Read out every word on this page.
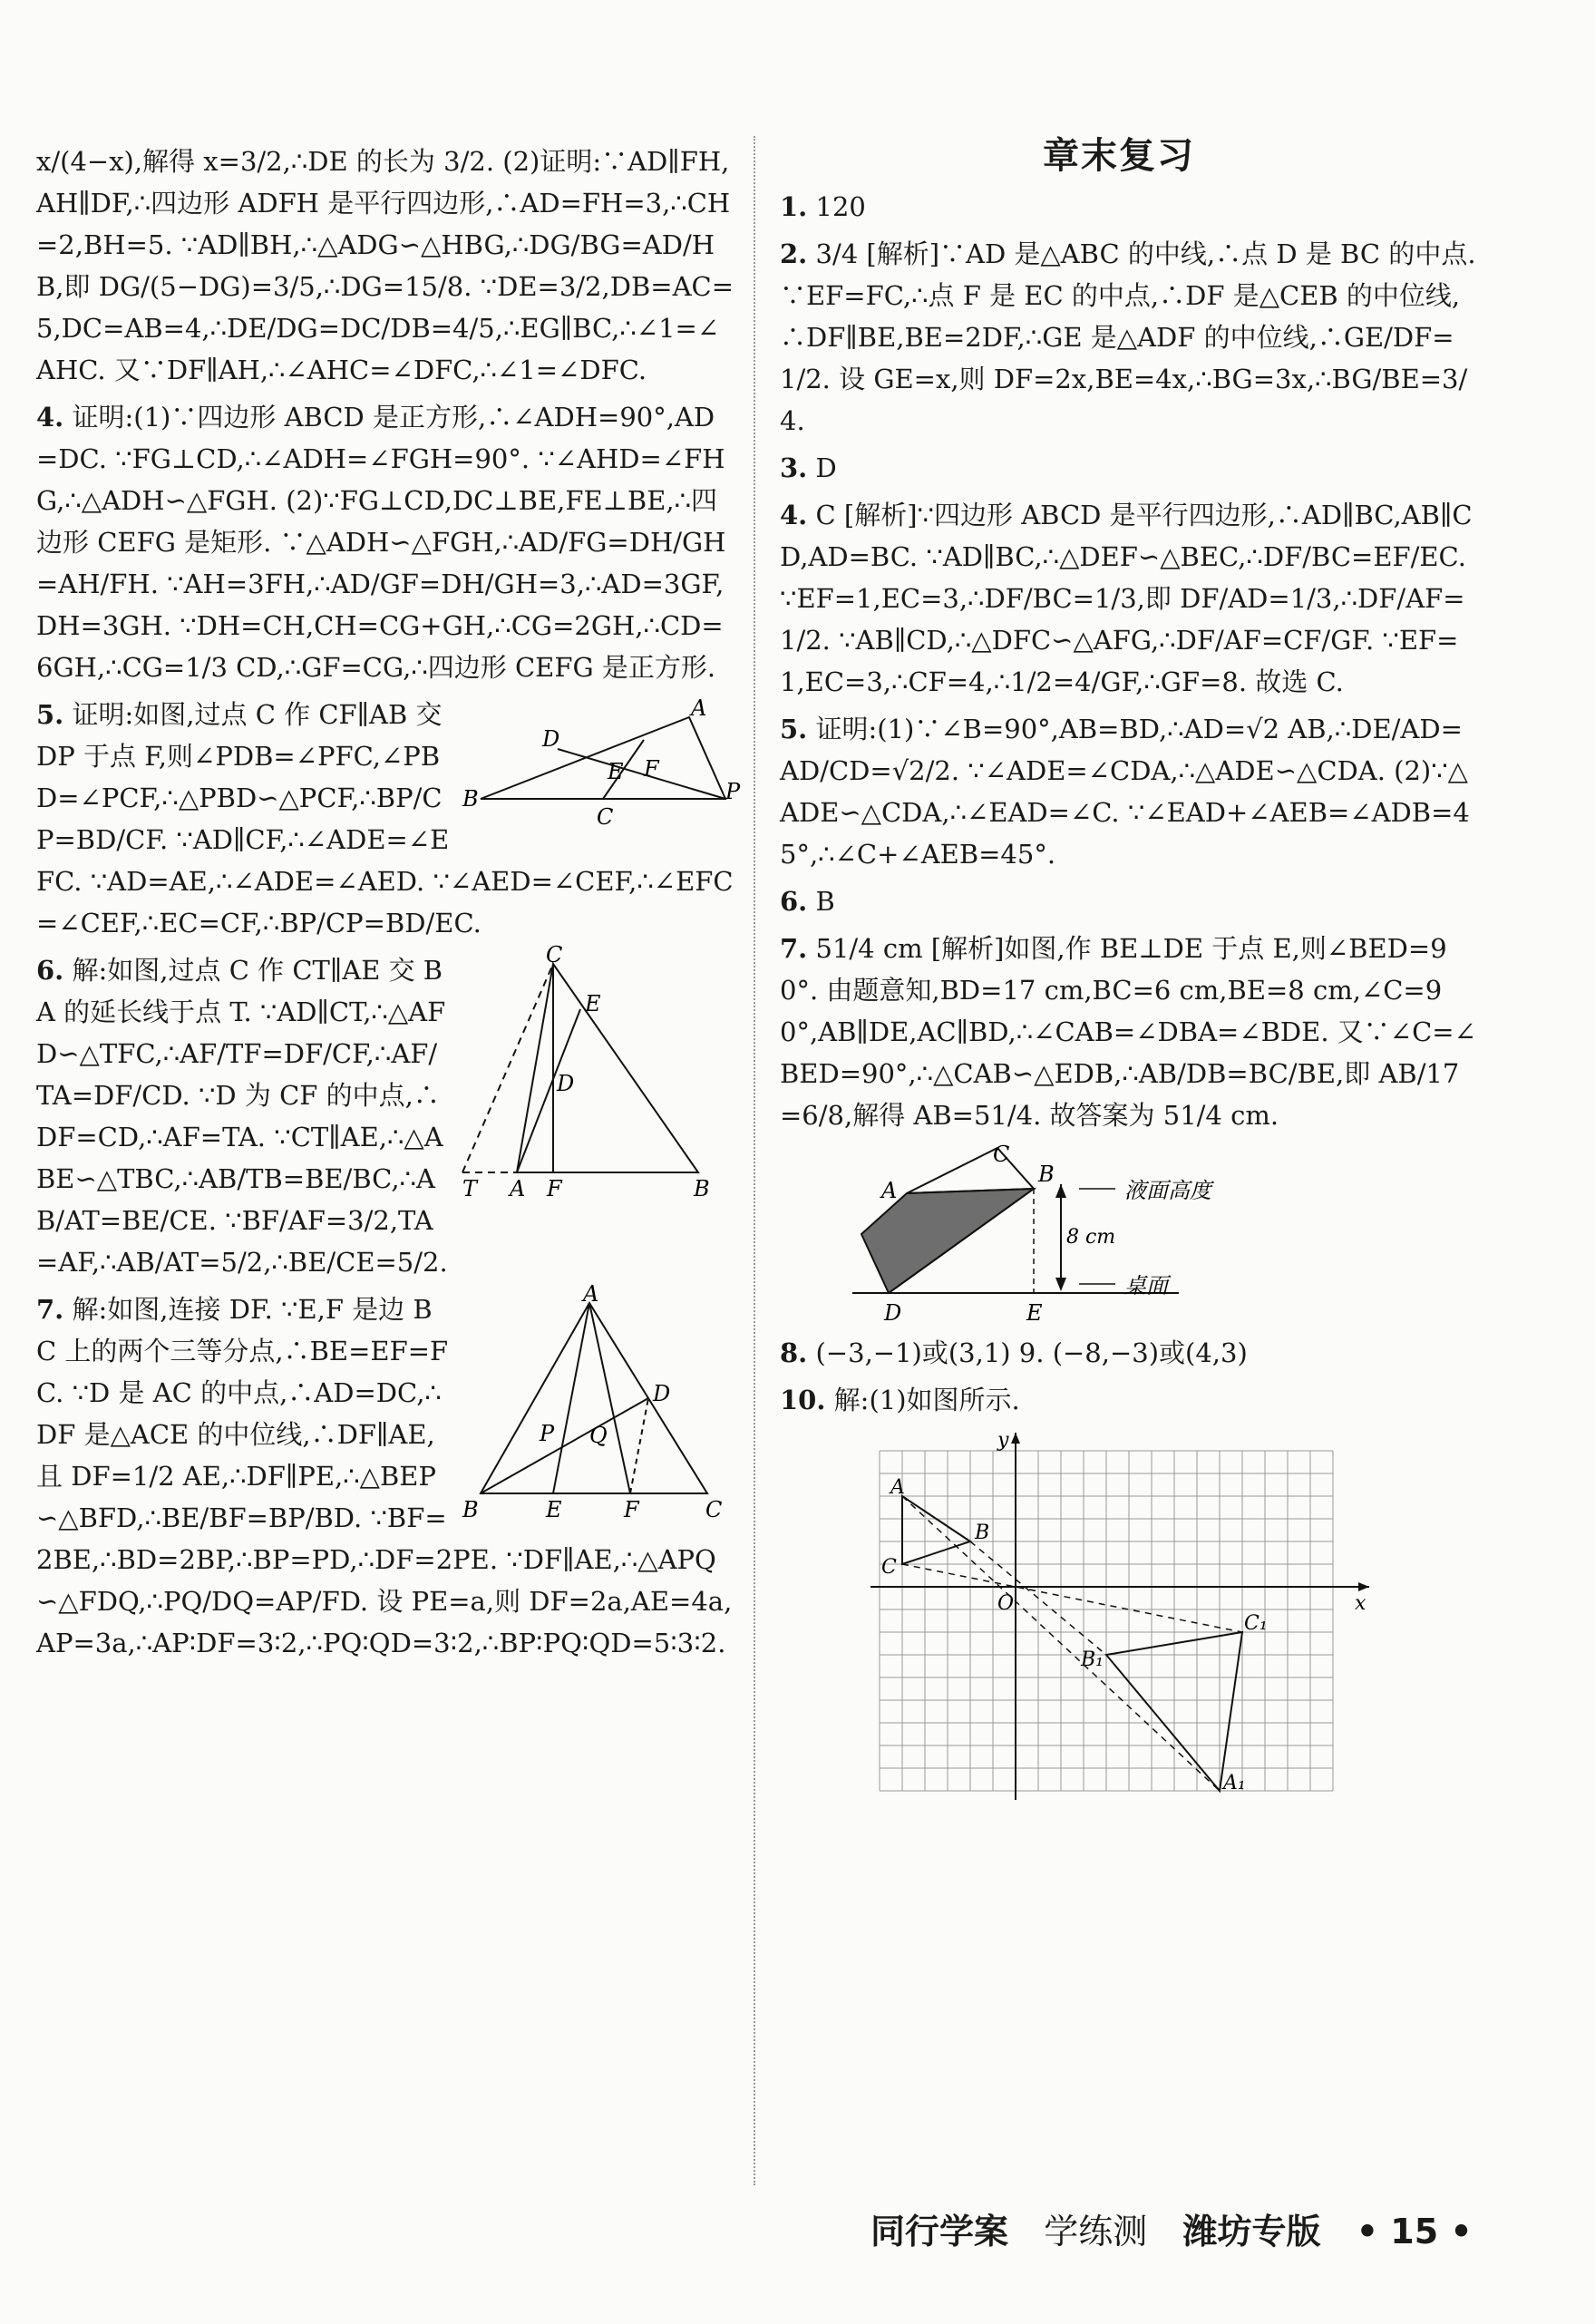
x/(4−x),解得 x=3/2,∴DE 的长为 3/2. (2)证明:∵AD∥FH,AH∥DF,∴四边形 ADFH 是平行四边形,∴AD=FH=3,∴CH=2,BH=5. ∵AD∥BH,∴△ADG∽△HBG,∴DG/BG=AD/HB,即 DG/(5−DG)=3/5,∴DG=15/8. ∵DE=3/2,DB=AC=5,DC=AB=4,∴DE/DG=DC/DB=4/5,∴EG∥BC,∴∠1=∠AHC. 又∵DF∥AH,∴∠AHC=∠DFC,∴∠1=∠DFC.
4. 证明:(1)∵四边形 ABCD 是正方形,∴∠ADH=90°,AD=DC. ∵FG⊥CD,∴∠ADH=∠FGH=90°. ∵∠AHD=∠FHG,∴△ADH∽△FGH. (2)∵FG⊥CD,DC⊥BE,FE⊥BE,∴四边形 CEFG 是矩形. ∵△ADH∽△FGH,∴AD/FG=DH/GH=AH/FH. ∵AH=3FH,∴AD/GF=DH/GH=3,∴AD=3GF,DH=3GH. ∵DH=CH,CH=CG+GH,∴CG=2GH,∴CD=6GH,∴CG=1/3 CD,∴GF=CG,∴四边形 CEFG 是正方形.
A
D
E F
B
C
P
5. 证明:如图,过点 C 作 CF∥AB 交 DP 于点 F,则∠PDB=∠PFC,∠PBD=∠PCF,∴△PBD∽△PCF,∴BP/CP=BD/CF. ∵AD∥CF,∴∠ADE=∠EFC. ∵AD=AE,∴∠ADE=∠AED. ∵∠AED=∠CEF,∴∠EFC=∠CEF,∴EC=CF,∴BP/CP=BD/EC.
C
E
D
T A F	B
6. 解:如图,过点 C 作 CT∥AE 交 BA 的延长线于点 T. ∵AD∥CT,∴△AFD∽△TFC,∴AF/TF=DF/CF,∴AF/TA=DF/CD. ∵D 为 CF 的中点,∴DF=CD,∴AF=TA. ∵CT∥AE,∴△ABE∽△TBC,∴AB/TB=BE/BC,∴AB/AT=BE/CE. ∵BF/AF=3/2,TA=AF,∴AB/AT=5/2,∴BE/CE=5/2.
A
D
P Q
B	E	F	C
7. 解:如图,连接 DF. ∵E,F 是边 BC 上的两个三等分点,∴BE=EF=FC. ∵D 是 AC 的中点,∴AD=DC,∴DF 是△ACE 的中位线,∴DF∥AE,且 DF=1/2 AE,∴DF∥PE,∴△BEP∽△BFD,∴BE/BF=BP/BD. ∵BF=2BE,∴BD=2BP,∴BP=PD,∴DF=2PE. ∵DF∥AE,∴△APQ∽△FDQ,∴PQ/DQ=AP/FD. 设 PE=a,则 DF=2a,AE=4a,AP=3a,∴AP∶DF=3∶2,∴PQ∶QD=3∶2,∴BP∶PQ∶QD=5∶3∶2.
章末复习
1. 120
2. 3/4 [解析]∵AD 是△ABC 的中线,∴点 D 是 BC 的中点. ∵EF=FC,∴点 F 是 EC 的中点,∴DF 是△CEB 的中位线,∴DF∥BE,BE=2DF,∴GE 是△ADF 的中位线,∴GE/DF=1/2. 设 GE=x,则 DF=2x,BE=4x,∴BG=3x,∴BG/BE=3/4.
3. D
4. C [解析]∵四边形 ABCD 是平行四边形,∴AD∥BC,AB∥CD,AD=BC. ∵AD∥BC,∴△DEF∽△BEC,∴DF/BC=EF/EC. ∵EF=1,EC=3,∴DF/BC=1/3,即 DF/AD=1/3,∴DF/AF=1/2. ∵AB∥CD,∴△DFC∽△AFG,∴DF/AF=CF/GF. ∵EF=1,EC=3,∴CF=4,∴1/2=4/GF,∴GF=8. 故选 C.
5. 证明:(1)∵∠B=90°,AB=BD,∴AD=√2 AB,∴DE/AD=AD/CD=√2/2. ∵∠ADE=∠CDA,∴△ADE∽△CDA. (2)∵△ADE∽△CDA,∴∠EAD=∠C. ∵∠EAD+∠AEB=∠ADB=45°,∴∠C+∠AEB=45°.
6. B
7. 51/4 cm [解析]如图,作 BE⊥DE 于点 E,则∠BED=90°. 由题意知,BD=17 cm,BC=6 cm,BE=8 cm,∠C=90°,AB∥DE,AC∥BD,∴∠CAB=∠DBA=∠BDE. 又∵∠C=∠BED=90°,∴△CAB∽△EDB,∴AB/DB=BC/BE,即 AB/17=6/8,解得 AB=51/4. 故答案为 51/4 cm.
C
A
B
D	E
液面高度
8 cm
桌面
8. (−3,−1)或(3,1) 9. (−8,−3)或(4,3)
10. 解:(1)如图所示.
A
B
C
A₁
B₁
C₁
O	x
y
同行学案 学练测 潍坊专版 • 15 •
